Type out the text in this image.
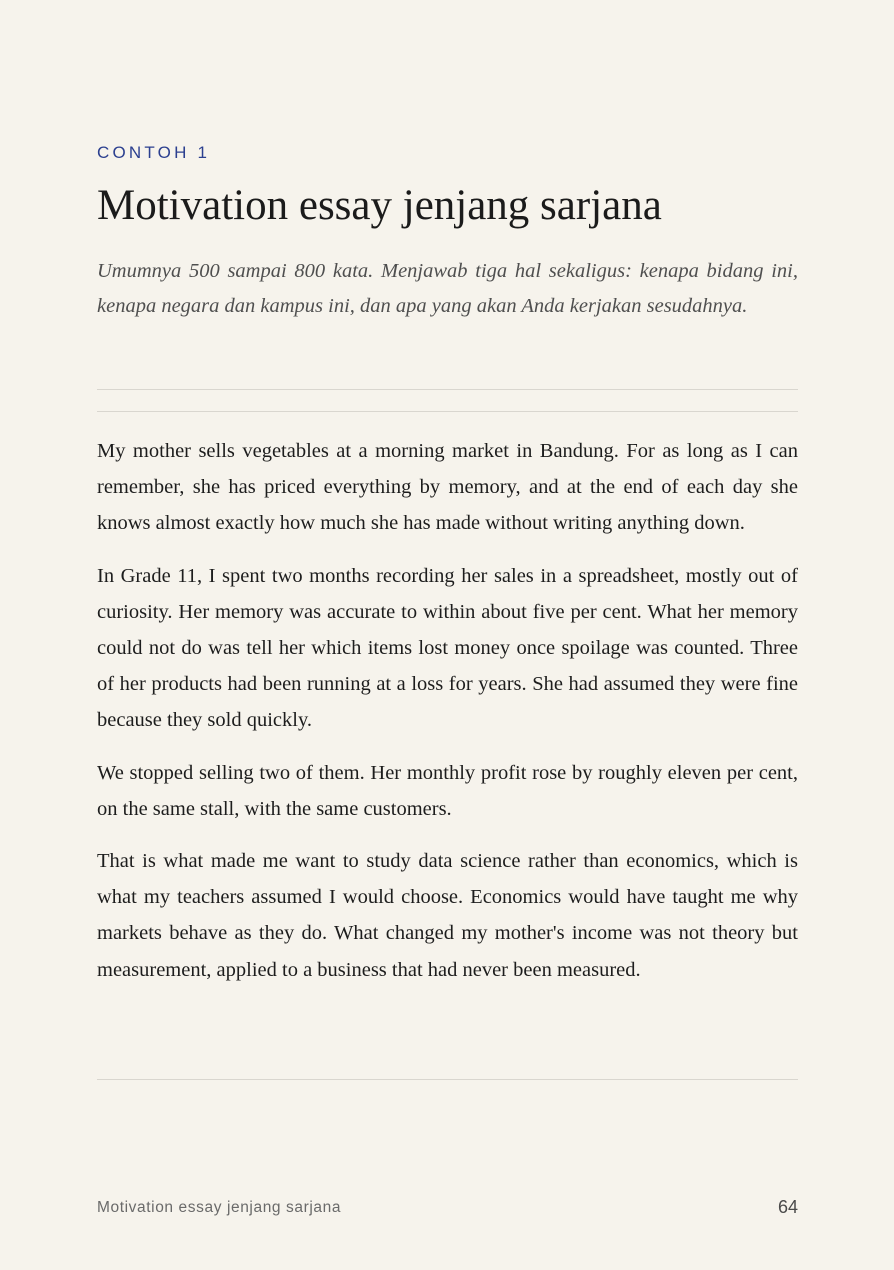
CONTOH 1
Motivation essay jenjang sarjana

Umumnya 500 sampai 800 kata. Menjawab tiga hal sekaligus: kenapa bidang ini, kenapa negara dan kampus ini, dan apa yang akan Anda kerjakan sesudahnya.

My mother sells vegetables at a morning market in Bandung. For as long as I can remember, she has priced everything by memory, and at the end of each day she knows almost exactly how much she has made without writing anything down.

In Grade 11, I spent two months recording her sales in a spreadsheet, mostly out of curiosity. Her memory was accurate to within about five per cent. What her memory could not do was tell her which items lost money once spoilage was counted. Three of her products had been running at a loss for years. She had assumed they were fine because they sold quickly.

We stopped selling two of them. Her monthly profit rose by roughly eleven per cent, on the same stall, with the same customers.

That is what made me want to study data science rather than economics, which is what my teachers assumed I would choose. Economics would have taught me why markets behave as they do. What changed my mother's income was not theory but measurement, applied to a business that had never been measured.

Motivation essay jenjang sarjana	64
